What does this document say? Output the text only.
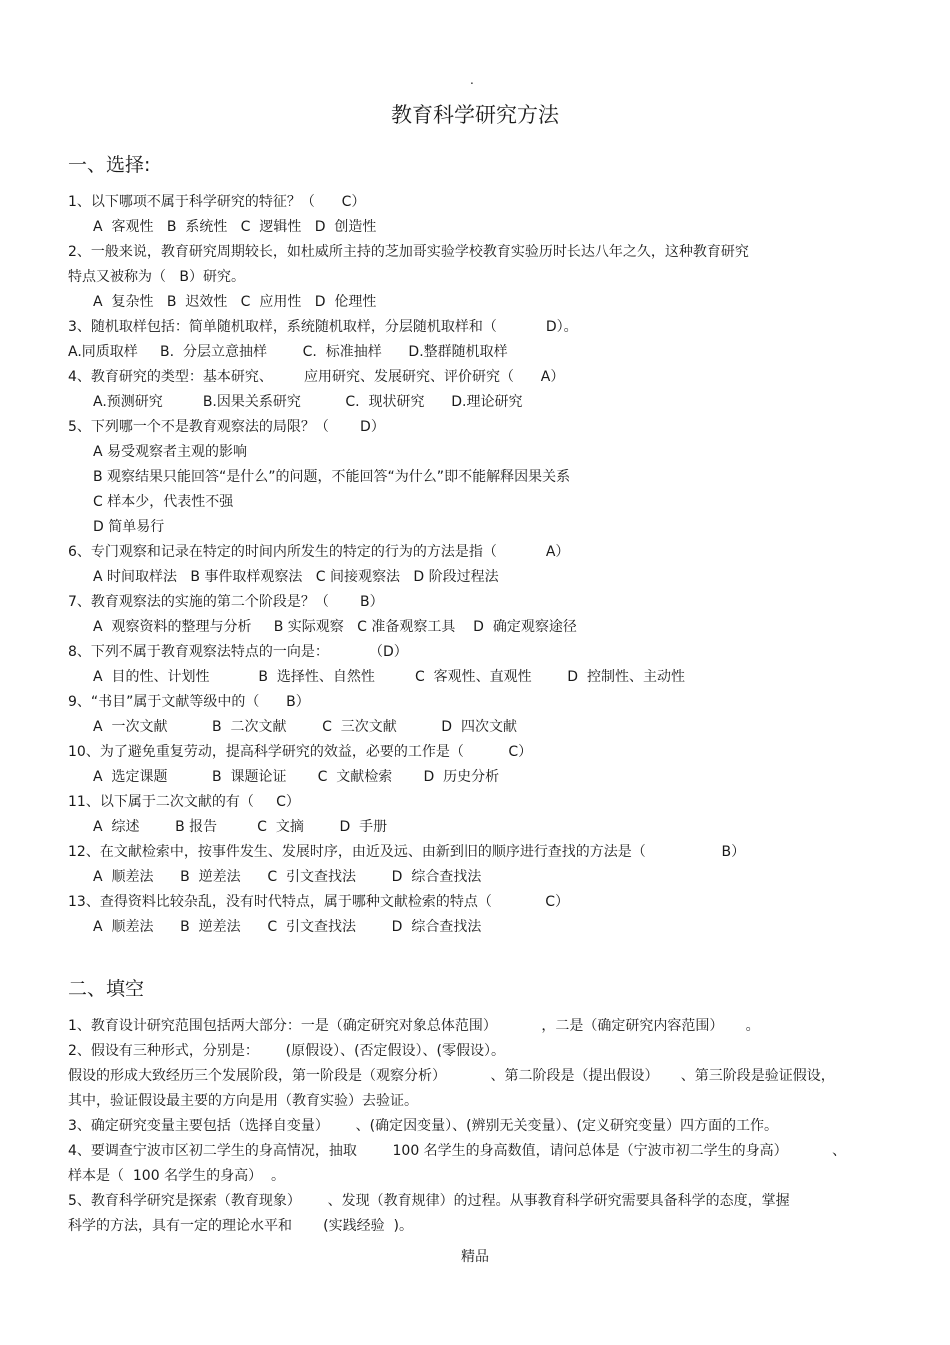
.
教育科学研究方法
一、选择:
1、以下哪项不属于科学研究的特征？（      C）
A  客观性   B  系统性   C  逻辑性   D  创造性
2、一般来说，教育研究周期较长，如杜威所主持的芝加哥实验学校教育实验历时长达八年之久，这种教育研究
特点又被称为（   B）研究。
A  复杂性   B  迟效性   C  应用性   D  伦理性
3、随机取样包括：简单随机取样，系统随机取样，分层随机取样和（           D）。
A.同质取样     B.  分层立意抽样        C.  标准抽样      D.整群随机取样
4、教育研究的类型：基本研究、       应用研究、发展研究、评价研究（      A）
A.预测研究         B.因果关系研究          C.  现状研究      D.理论研究
5、下列哪一个不是教育观察法的局限？（       D）
A 易受观察者主观的影响
B 观察结果只能回答“是什么”的问题，不能回答“为什么”即不能解释因果关系
C 样本少，代表性不强
D 简单易行
6、专门观察和记录在特定的时间内所发生的特定的行为的方法是指（           A）
A 时间取样法   B 事件取样观察法   C 间接观察法   D 阶段过程法
7、教育观察法的实施的第二个阶段是？（       B）
A  观察资料的整理与分析     B 实际观察   C 准备观察工具    D  确定观察途径
8、下列不属于教育观察法特点的一向是：         （D）
A  目的性、计划性           B  选择性、自然性         C  客观性、直观性        D  控制性、主动性
9、“书目”属于文献等级中的（      B）
A  一次文献          B  二次文献        C  三次文献          D  四次文献
10、为了避免重复劳动，提高科学研究的效益，必要的工作是（          C）
A  选定课题          B  课题论证       C  文献检索       D  历史分析
11、以下属于二次文献的有（     C）
A  综述        B 报告         C  文摘        D  手册
12、在文献检索中，按事件发生、发展时序，由近及远、由新到旧的顺序进行查找的方法是（                 B）
A  顺差法      B  逆差法      C  引文查找法        D  综合查找法
13、查得资料比较杂乱，没有时代特点，属于哪种文献检索的特点（            C）
A  顺差法      B  逆差法      C  引文查找法        D  综合查找法
二、填空
1、教育设计研究范围包括两大部分：一是（确定研究对象总体范围）          ，二是（确定研究内容范围）     。
2、假设有三种形式，分别是：      (原假设）、(否定假设）、(零假设）。
假设的形成大致经历三个发展阶段，第一阶段是（观察分析）          、第二阶段是（提出假设）     、第三阶段是验证假设，
其中，验证假设最主要的方向是用（教育实验）去验证。
3、确定研究变量主要包括（选择自变量）      、(确定因变量）、(辨别无关变量）、(定义研究变量）四方面的工作。
4、要调查宁波市区初二学生的身高情况，抽取        100 名学生的身高数值，请问总体是（宁波市初二学生的身高）          、
样本是（  100 名学生的身高）  。
5、教育科学研究是探索（教育现象）      、发现（教育规律）的过程。从事教育科学研究需要具备科学的态度，掌握
科学的方法，具有一定的理论水平和       (实践经验  )。
精品
